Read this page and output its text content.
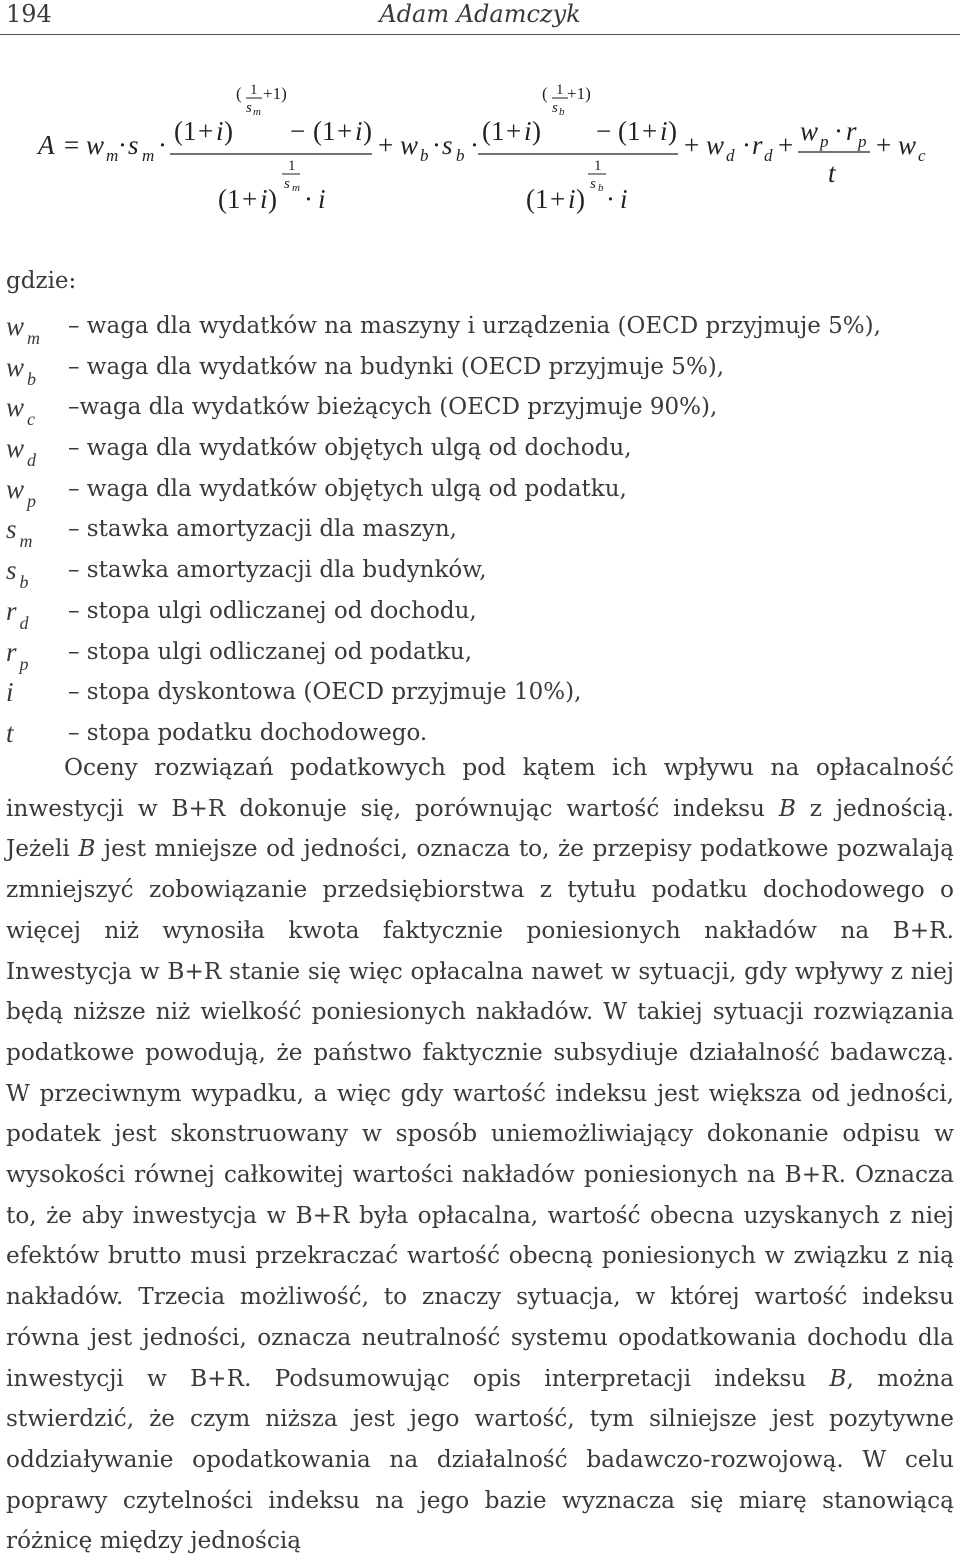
194	Adam Adamczyk
A = w m · s m ·
( 1
s m
+1)
(1 + i ) − (1 + i )
1
s m
(1 + i ) · i
+ w b · s b ·
( 1
s b
+1)
(1 + i ) − (1 + i )
1
s b
(1 + i ) · i
+ w d · r d + w p · r p
t
+ w c
gdzie:
w $_m$ – waga dla wydatków na maszyny i urządzenia (OECD przyjmuje 5%),
w $_b$ – waga dla wydatków na budynki (OECD przyjmuje 5%),
w $_c$ –waga dla wydatków bieżących (OECD przyjmuje 90%),
w $_d$ – waga dla wydatków objętych ulgą od dochodu,
w $_p$ – waga dla wydatków objętych ulgą od podatku,
s $_m$ – stawka amortyzacji dla maszyn,
s $_b$ – stawka amortyzacji dla budynków,
r $_d$ – stopa ulgi odliczanej od dochodu,
r $_p$ – stopa ulgi odliczanej od podatku,
i – stopa dyskontowa (OECD przyjmuje 10%),
t – stopa podatku dochodowego.

Oceny rozwiązań podatkowych pod kątem ich wpływu na opłacalność inwestycji w B+R dokonuje się, porównując wartość indeksu B z jednością. Jeżeli B jest mniejsze od jedności, oznacza to, że przepisy podatkowe pozwalają zmniejszyć zobowiązanie przedsiębiorstwa z tytułu podatku dochodowego o więcej niż wynosiła kwota faktycznie poniesionych nakładów na B+R. Inwestycja w B+R stanie się więc opłacalna nawet w sytuacji, gdy wpływy z niej będą niższe niż wielkość poniesionych nakładów. W takiej sytuacji rozwiązania podatkowe powodują, że państwo faktycznie subsydiuje działalność badawczą. W przeciwnym wypadku, a więc gdy wartość indeksu jest większa od jedności, podatek jest skonstruowany w sposób uniemożliwiający dokonanie odpisu w wysokości równej całkowitej wartości nakładów poniesionych na B+R. Oznacza to, że aby inwestycja w B+R była opłacalna, wartość obecna uzyskanych z niej efektów brutto musi przekraczać wartość obecną poniesionych w związku z nią nakładów. Trzecia możliwość, to znaczy sytuacja, w której wartość indeksu równa jest jedności, oznacza neutralność systemu opodatkowania dochodu dla inwestycji w B+R. Podsumowując opis interpretacji indeksu B, można stwierdzić, że czym niższa jest jego wartość, tym silniejsze jest pozytywne oddziaływanie opodatkowania na działalność badawczo-rozwojową. W celu poprawy czytelności indeksu na jego bazie wyznacza się miarę stanowiącą różnicę między jednością
